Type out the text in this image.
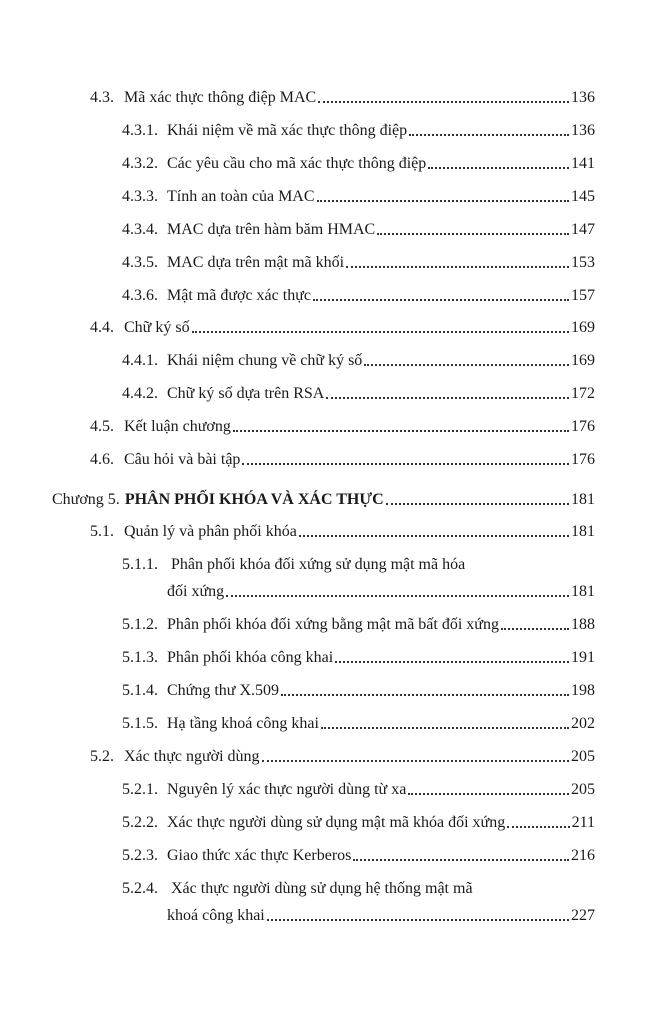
4.3. Mã xác thực thông điệp MAC	136
4.3.1. Khái niệm về mã xác thực thông điệp	136
4.3.2. Các yêu cầu cho mã xác thực thông điệp	141
4.3.3. Tính an toàn của MAC	145
4.3.4. MAC dựa trên hàm băm HMAC	147
4.3.5. MAC dựa trên mật mã khối	153
4.3.6. Mật mã được xác thực	157
4.4. Chữ ký số	169
4.4.1. Khái niệm chung về chữ ký số	169
4.4.2. Chữ ký số dựa trên RSA	172
4.5. Kết luận chương	176
4.6. Câu hỏi và bài tập	176
Chương 5. PHÂN PHỐI KHÓA VÀ XÁC THỰC	181
5.1. Quản lý và phân phối khóa	181
5.1.1. Phân phối khóa đối xứng sử dụng mật mã hóa
đối xứng	181
5.1.2. Phân phối khóa đối xứng bằng mật mã bất đối xứng	188
5.1.3. Phân phối khóa công khai	191
5.1.4. Chứng thư X.509	198
5.1.5. Hạ tầng khoá công khai	202
5.2. Xác thực người dùng	205
5.2.1. Nguyên lý xác thực người dùng từ xa	205
5.2.2. Xác thực người dùng sử dụng mật mã khóa đối xứng	211
5.2.3. Giao thức xác thực Kerberos	216
5.2.4. Xác thực người dùng sử dụng hệ thống mật mã
khoá công khai	227
